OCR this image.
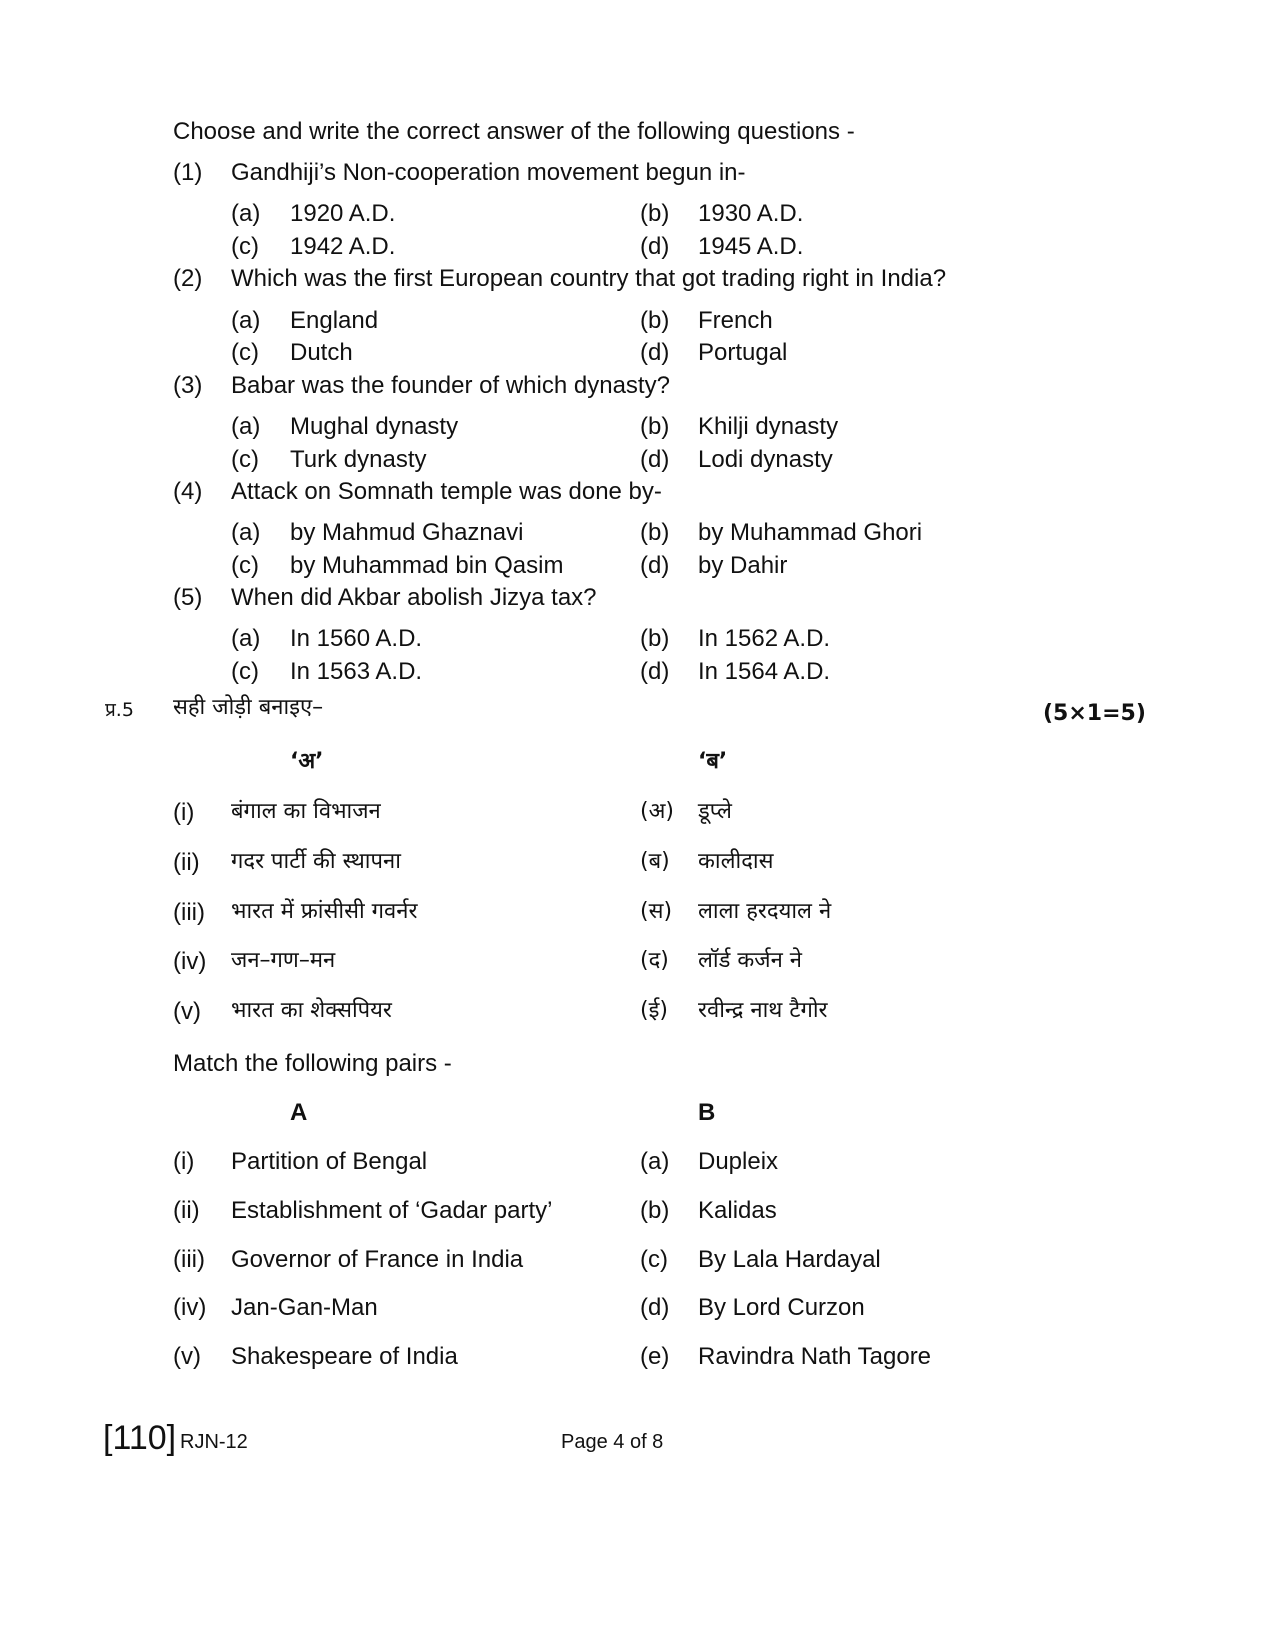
Choose and write the correct answer of the following questions -
(1) Gandhiji’s Non-cooperation movement begun in-
(a) 1920 A.D.	(b) 1930 A.D.
(c) 1942 A.D.	(d) 1945 A.D.
(2) Which was the first European country that got trading right in India?
(a) England	(b) French
(c) Dutch	(d) Portugal
(3) Babar was the founder of which dynasty?
(a) Mughal dynasty	(b) Khilji dynasty
(c) Turk dynasty	(d) Lodi dynasty
(4) Attack on Somnath temple was done by-
(a) by Mahmud Ghaznavi	(b) by Muhammad Ghori
(c) by Muhammad bin Qasim	(d) by Dahir
(5) When did Akbar abolish Jizya tax?
(a) In 1560 A.D.	(b) In 1562 A.D.
(c) In 1563 A.D.	(d) In 1564 A.D.
प्र.5 सही जोड़ी बनाइए–	(5×1=5)
‘अ’	‘ब’
(i) बंगाल का विभाजन	(अ) डूप्ले
(ii) गदर पार्टी की स्थापना	(ब) कालीदास
(iii) भारत में फ्रांसीसी गवर्नर	(स) लाला हरदयाल ने
(iv) जन–गण–मन	(द) लॉर्ड कर्जन ने
(v) भारत का शेक्सपियर	(ई) रवीन्द्र नाथ टैगोर
Match the following pairs -
A	B
(i) Partition of Bengal	(a) Dupleix
(ii) Establishment of ‘Gadar party’	(b) Kalidas
(iii) Governor of France in India	(c) By Lala Hardayal
(iv) Jan-Gan-Man	(d) By Lord Curzon
(v) Shakespeare of India	(e) Ravindra Nath Tagore
[110] RJN-12	Page 4 of 8
